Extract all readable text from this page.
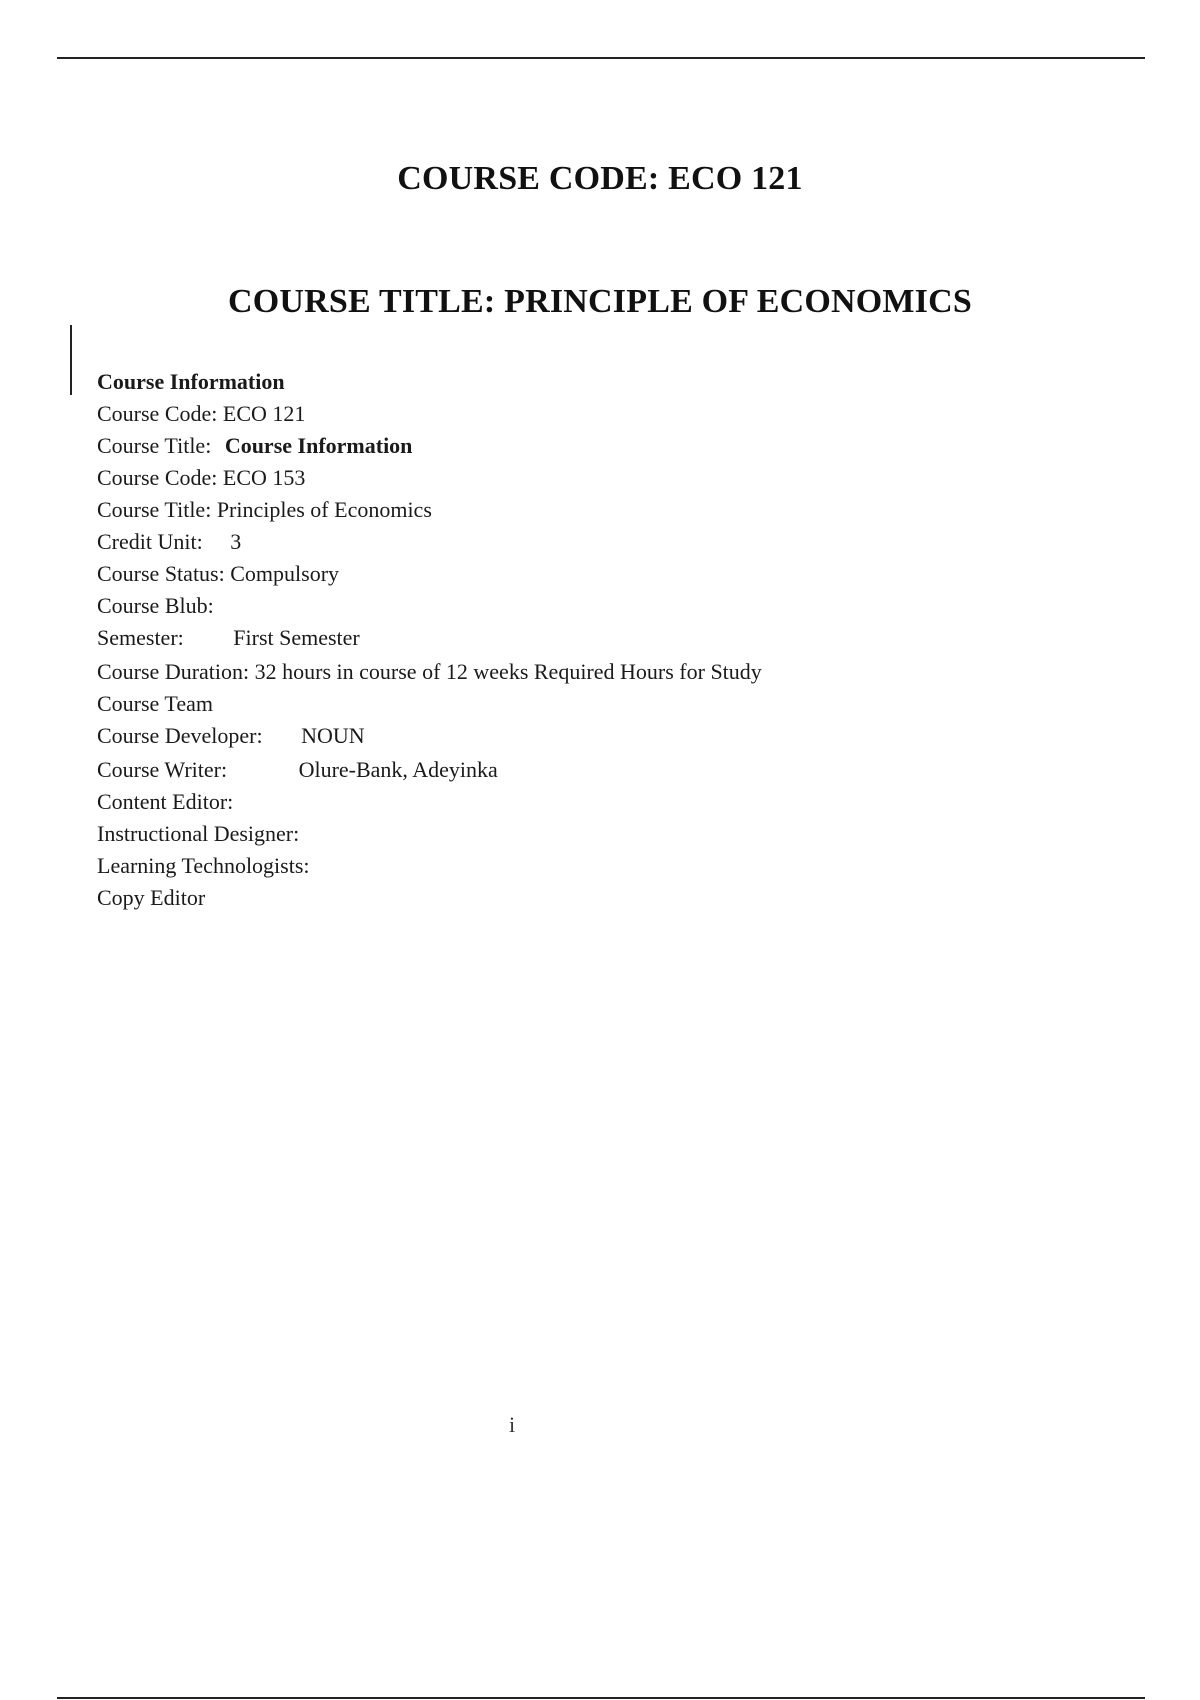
COURSE CODE: ECO 121
COURSE TITLE: PRINCIPLE OF ECONOMICS
Course Information
Course Code: ECO 121
Course Title: Course Information
Course Code: ECO 153
Course Title: Principles of Economics
Credit Unit: 3
Course Status: Compulsory
Course Blub:
Semester: First Semester
Course Duration: 32 hours in course of 12 weeks Required Hours for Study
Course Team
Course Developer: NOUN
Course Writer:	Olure-Bank, Adeyinka
Content Editor:
Instructional Designer:
Learning Technologists:
Copy Editor
i
